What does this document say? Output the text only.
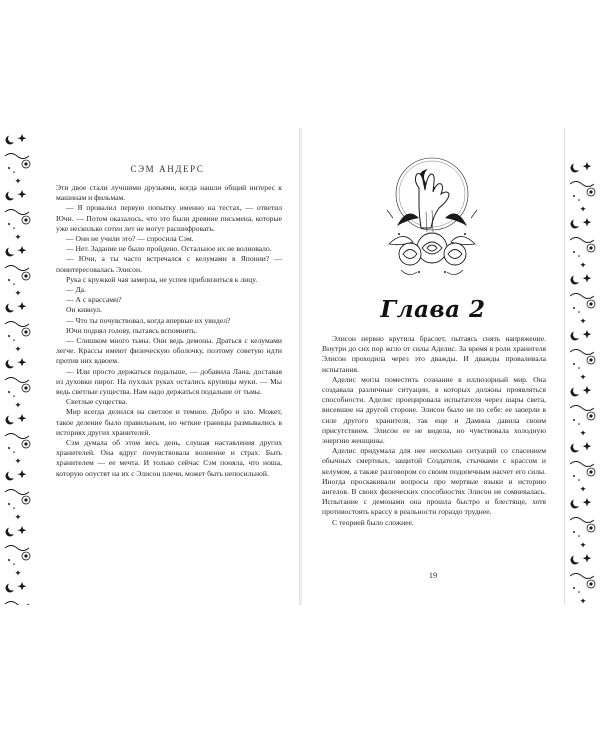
СЭМ АНДЕРС

Эти двое стали лучшими друзьями, когда нашли общий интерес к машинам и фильмам.

— Я провалил первую попытку именно на тестах, — ответил Ючи. — Потом оказалось, что это были древние письмена, которые уже несколько сотен лет не могут расшифровать.

— Они не учили это? — спросила Сэм.

— Нет. Задание не было пройдено. Остальное их не волновало.

— Ючи, а ты часто встречался с келумами в Японии? — поинтересовалась Элисон.

Рука с кружкой чая замерла, не успев приблизиться к лицу.

— Да.

— А с крассами?

Он кивнул.

— Что ты почувствовал, когда впервые их увидел?

Ючи поднял голову, пытаясь вспомнить.

— Слишком много тьмы. Они ведь демоны. Драться с келумами легче. Крассы имеют физическую оболочку, поэтому советую идти против них вдвоем.

— Или просто держаться подальше, — добавила Лана, доставая из духовки пирог. На пухлых руках остались крупицы муки. — Мы ведь светлые существа. Нам надо держаться подальше от тьмы.

Светлые существа.

Мир всегда делился на светлое и темное. Добро и зло. Может, такое деление было правильным, но четкие границы размывались в историях других хранителей.

Сэм думала об этом весь день, слушая наставления других хранителей. Она вдруг почувствовала волнение и страх. Быть хранителем — ее мечта. И только сейчас Сэм поняла, что ноша, которую опустят на их с Элисон плечи, может быть непосильной.

Глава 2

Элисон нервно крутила браслет, пытаясь снять напряжение. Внутри до сих пор жгло от силы Аделис. За время в роли хранителя Элисон проходила через это дважды. И дважды проваливала испытания.

Аделис могла поместить сознание в иллюзорный мир. Она создавала различные ситуации, в которых должны проявляться способности. Аделис проецировала испытателя через шары света, висевшие на другой стороне. Элисон было не по себе: ее заперли в силе другого хранителя, так еще и Дамина давила своим присутствием. Элисон ее не видела, но чувствовала холодную энергию женщины.

Аделис придумала для нее несколько ситуаций со спасением обычных смертных, защитой Создателя, стычками с крассом и келумом, а также разговором со своим подопечным насчет его силы. Иногда проскакивали вопросы про мертвые языки и историю ангелов. В своих физических способностях Элисон не сомневалась. Испытание с демонами она прошла быстро и блестяще, хотя противостоять крассу в реальности гораздо труднее.

С теорией было сложнее.

19
